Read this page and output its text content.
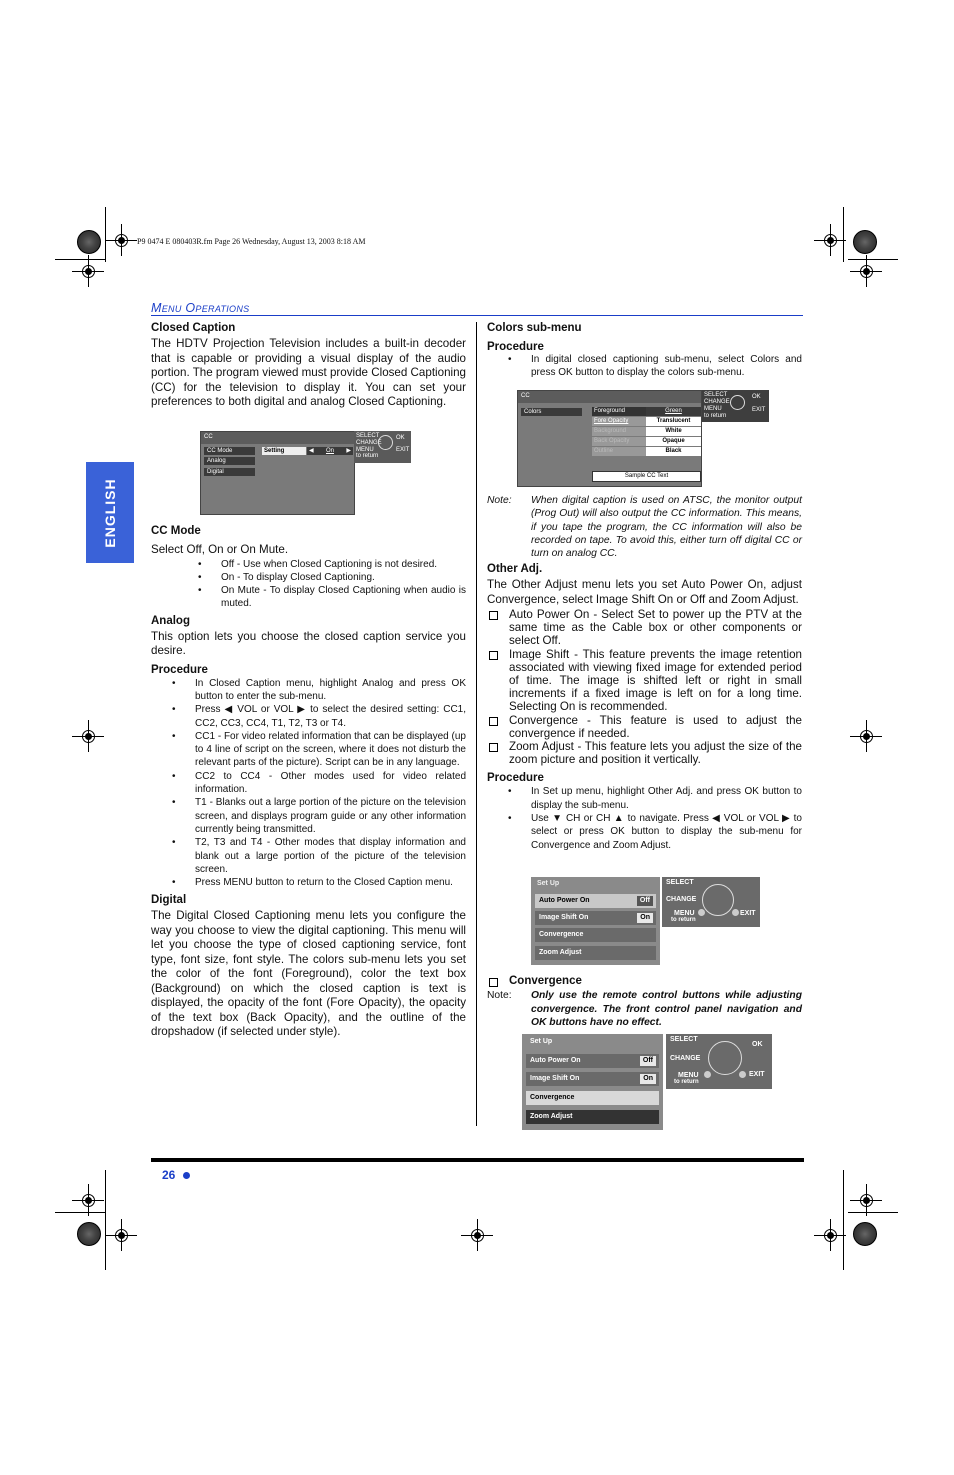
P9 0474 E 080403R.fm Page 26 Wednesday, August 13, 2003 8:18 AM
Menu Operations
ENGLISH
Closed Caption

The HDTV Projection Television includes a built-in decoder that is capable or providing a visual display of the audio portion. The program viewed must provide Closed Captioning (CC) for the television to display it. You can set your preferences to both digital and analog Closed Captioning.

CC
CC Mode
Analog
Digital
Setting	◀ On ▶
SELECT
CHANGE
OK
MENU
to return
EXIT
CC Mode

Select Off, On or On Mute.

• Off - Use when Closed Captioning is not desired.
• On - To display Closed Captioning.
• On Mute - To display Closed Captioning when audio is muted.
Analog

This option lets you choose the closed caption service you desire.

Procedure
• In Closed Caption menu, highlight Analog and press OK button to enter the sub-menu.
• Press ◀ VOL or VOL ▶ to select the desired setting: CC1, CC2, CC3, CC4, T1, T2, T3 or T4.
• CC1 - For video related information that can be displayed (up to 4 line of script on the screen, where it does not disturb the relevant parts of the picture). Script can be in any language.
• CC2 to CC4 - Other modes used for video related information.
• T1 - Blanks out a large portion of the picture on the television screen, and displays program guide or any other information currently being transmitted.
• T2, T3 and T4 - Other modes that display information and blank out a large portion of the picture of the television screen.
• Press MENU button to return to the Closed Caption menu.
Digital

The Digital Closed Captioning menu lets you configure the way you choose to view the digital captioning. This menu will let you choose the type of closed captioning service, font type, font size, font style. The colors sub-menu lets you set the color of the font (Foreground), color the text box (Background) on which the closed caption is text is displayed, the opacity of the font (Fore Opacity), the opacity of the text box (Back Opacity), and the outline of the dropshadow (if selected under style).

Colors sub-menu
Procedure
• In digital closed captioning sub-menu, select Colors and press OK button to display the colors sub-menu.
CC
Colors	Foreground	Green
Fore Opacity	Translucent
Background	White
Back Opacity	Opaque
Outline	Black
Sample CC Text
SELECT
CHANGE
OK
MENU
to return
EXIT
Note: When digital caption is used on ATSC, the monitor output (Prog Out) will also output the CC information. This means, if you tape the program, the CC information will also be recorded on tape. To avoid this, either turn off digital CC or turn on analog CC.
Other Adj.

The Other Adjust menu lets you set Auto Power On, adjust Convergence, select Image Shift On or Off and Zoom Adjust.

Auto Power On - Select Set to power up the PTV at the same time as the Cable box or other components or select Off.
Image Shift - This feature prevents the image retention associated with viewing fixed image for extended period of time. The image is shifted left or right in small increments if a fixed image is left on for a long time. Selecting On is recommended.
Convergence - This feature is used to adjust the convergence if needed.
Zoom Adjust - This feature lets you adjust the size of the zoom picture and position it vertically.
Procedure
• In Set up menu, highlight Other Adj. and press OK button to display the sub-menu.
• Use ▼ CH or CH ▲ to navigate. Press ◀ VOL or VOL ▶ to select or press OK button to display the sub-menu for Convergence and Zoom Adjust.
Set Up
Auto Power On	Off
Image Shift On	On
Convergence
Zoom Adjust
SELECT
CHANGE
MENU
to return
EXIT
Convergence
Note: Only use the remote control buttons while adjusting convergence. The front control panel navigation and OK buttons have no effect.
Set Up
Auto Power On	Off
Image Shift On	On
Convergence
Zoom Adjust
SELECT
CHANGE
OK
MENU
to return
EXIT
26
